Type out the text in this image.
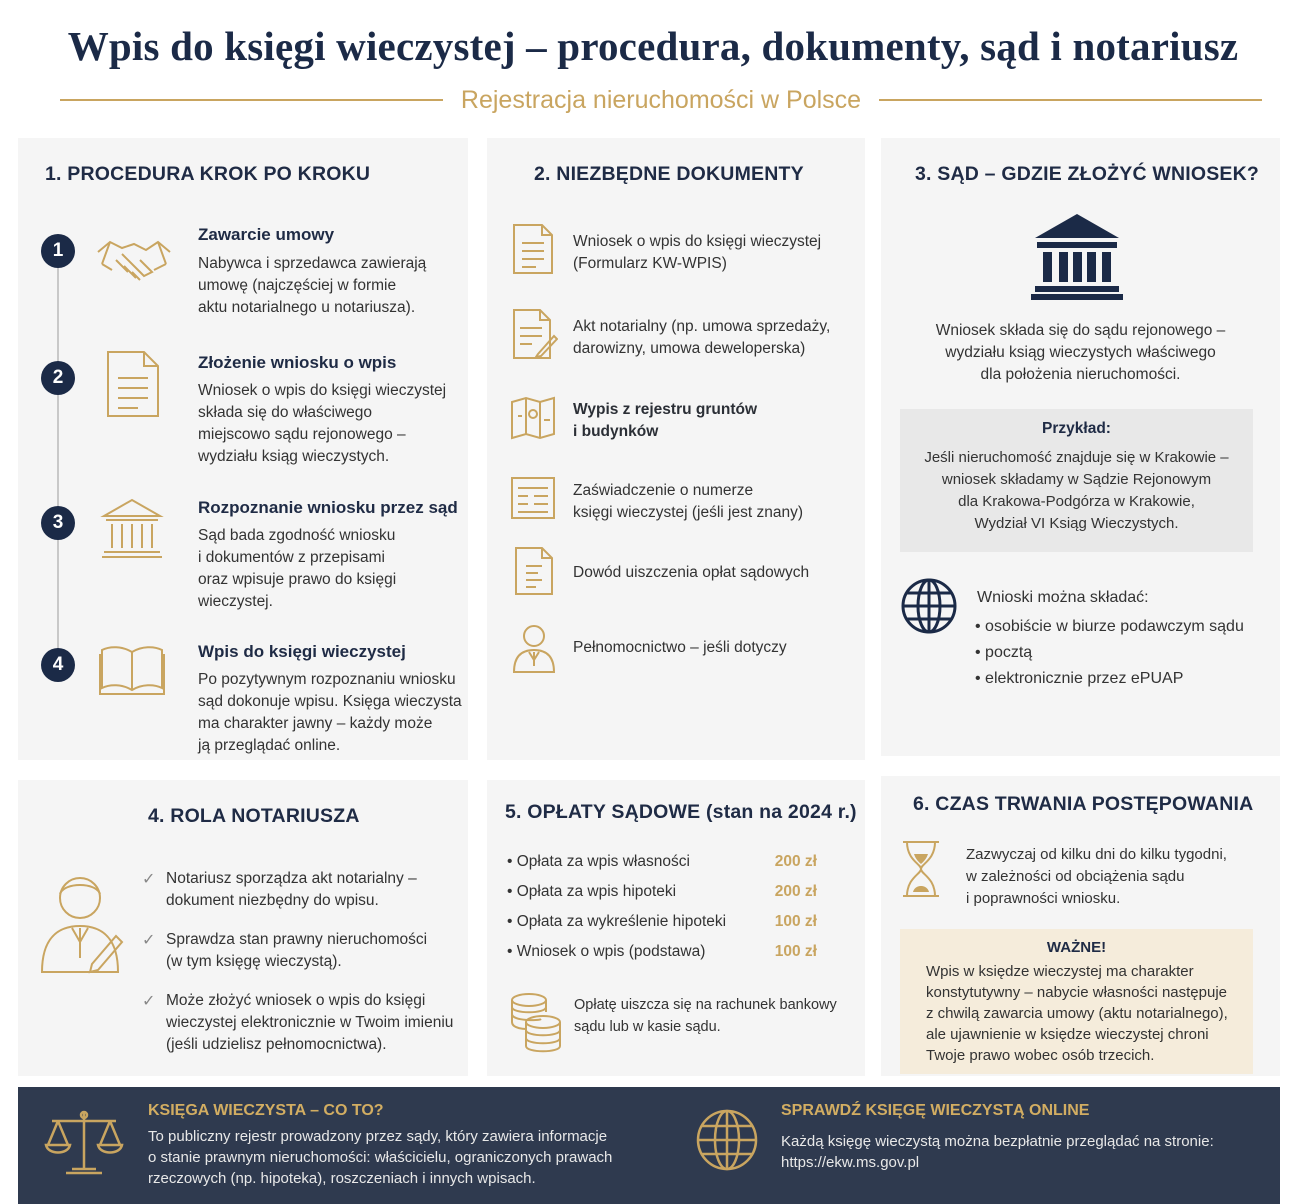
Wpis do księgi wieczystej – procedura, dokumenty, sąd i notariusz
Rejestracja nieruchomości w Polsce
1. PROCEDURA KROK PO KROKU
1
Zawarcie umowy
Nabywca i sprzedawca zawierają
umowę (najczęściej w formie
aktu notarialnego u notariusza).
2
Złożenie wniosku o wpis
Wniosek o wpis do księgi wieczystej
składa się do właściwego
miejscowo sądu rejonowego –
wydziału ksiąg wieczystych.
3
Rozpoznanie wniosku przez sąd
Sąd bada zgodność wniosku
i dokumentów z przepisami
oraz wpisuje prawo do księgi
wieczystej.
4
Wpis do księgi wieczystej
Po pozytywnym rozpoznaniu wniosku
sąd dokonuje wpisu. Księga wieczysta
ma charakter jawny – każdy może
ją przeglądać online.
2. NIEZBĘDNE DOKUMENTY
Wniosek o wpis do księgi wieczystej
(Formularz KW-WPIS)
Akt notarialny (np. umowa sprzedaży,
darowizny, umowa deweloperska)
Wypis z rejestru gruntów
i budynków
Zaświadczenie o numerze
księgi wieczystej (jeśli jest znany)
Dowód uiszczenia opłat sądowych
Pełnomocnictwo – jeśli dotyczy
3. SĄD – GDZIE ZŁOŻYĆ WNIOSEK?
Wniosek składa się do sądu rejonowego –
wydziału ksiąg wieczystych właściwego
dla położenia nieruchomości.
Przykład:
Jeśli nieruchomość znajduje się w Krakowie –
wniosek składamy w Sądzie Rejonowym
dla Krakowa-Podgórza w Krakowie,
Wydział VI Ksiąg Wieczystych.
Wnioski można składać:
• osobiście w biurze podawczym sądu
• pocztą
• elektronicznie przez ePUAP
4. ROLA NOTARIUSZA
✓ Notariusz sporządza akt notarialny –
dokument niezbędny do wpisu.
✓ Sprawdza stan prawny nieruchomości
(w tym księgę wieczystą).
✓ Może złożyć wniosek o wpis do księgi
wieczystej elektronicznie w Twoim imieniu
(jeśli udzielisz pełnomocnictwa).
5. OPŁATY SĄDOWE (stan na 2024 r.)
• Opłata za wpis własności	200 zł
• Opłata za wpis hipoteki	200 zł
• Opłata za wykreślenie hipoteki	100 zł
• Wniosek o wpis (podstawa)	100 zł
Opłatę uiszcza się na rachunek bankowy
sądu lub w kasie sądu.
6. CZAS TRWANIA POSTĘPOWANIA
Zazwyczaj od kilku dni do kilku tygodni,
w zależności od obciążenia sądu
i poprawności wniosku.
WAŻNE!
Wpis w księdze wieczystej ma charakter
konstytutywny – nabycie własności następuje
z chwilą zawarcia umowy (aktu notarialnego),
ale ujawnienie w księdze wieczystej chroni
Twoje prawo wobec osób trzecich.
KSIĘGA WIECZYSTA – CO TO?
To publiczny rejestr prowadzony przez sądy, który zawiera informacje
o stanie prawnym nieruchomości: właścicielu, ograniczonych prawach
rzeczowych (np. hipoteka), roszczeniach i innych wpisach.
SPRAWDŹ KSIĘGĘ WIECZYSTĄ ONLINE
Każdą księgę wieczystą można bezpłatnie przeglądać na stronie:
https://ekw.ms.gov.pl
